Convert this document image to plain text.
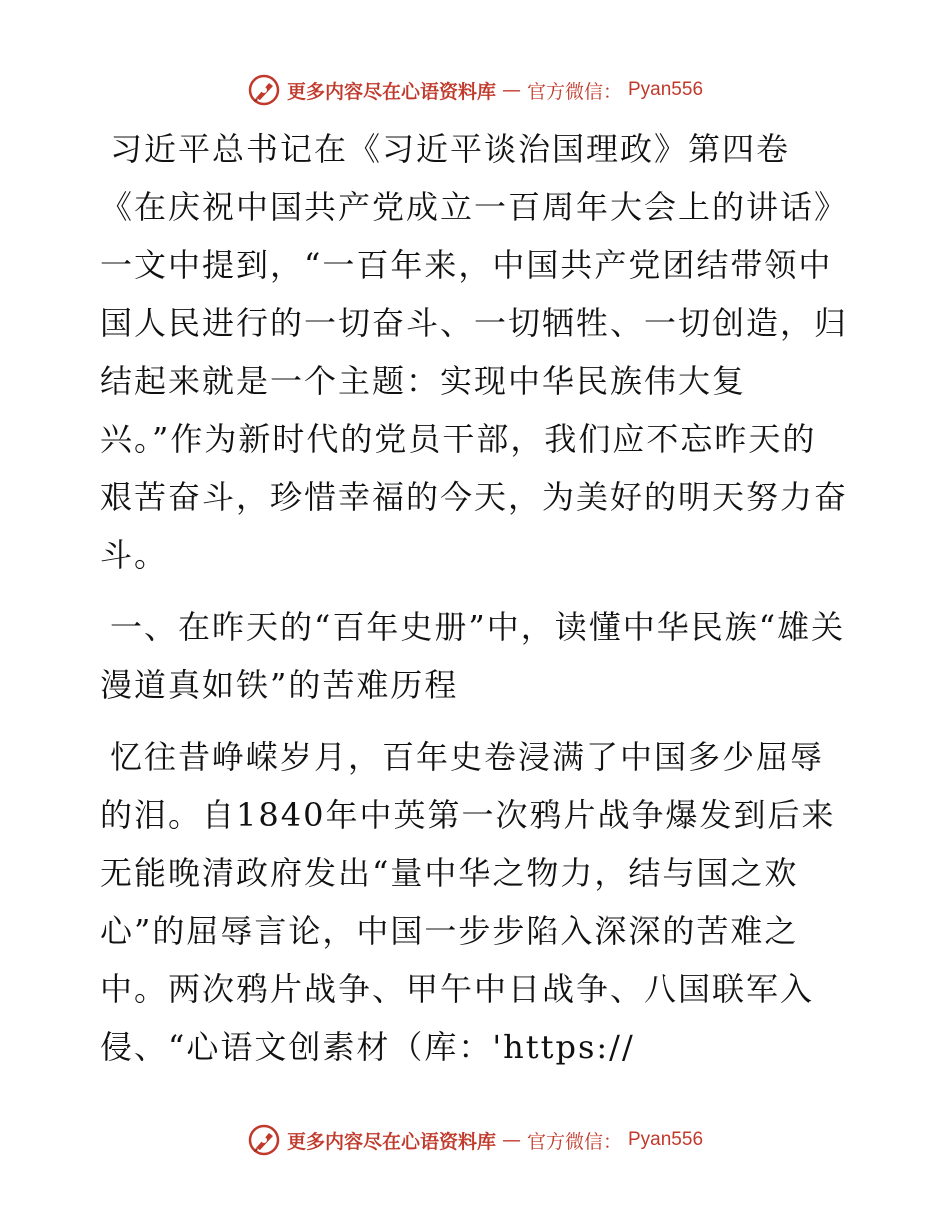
更多内容尽在心语资料库 — 官方微信： Pyan556

习近平总书记在《习近平谈治国理政》第四卷《在庆祝中国共产党成立一百周年大会上的讲话》一文中提到，“一百年来，中国共产党团结带领中国人民进行的一切奋斗、一切牺牲、一切创造，归结起来就是一个主题：实现中华民族伟大复兴。”作为新时代的党员干部，我们应不忘昨天的艰苦奋斗，珍惜幸福的今天，为美好的明天努力奋斗。

一、在昨天的“百年史册”中，读懂中华民族“雄关漫道真如铁”的苦难历程

忆往昔峥嵘岁月，百年史卷浸满了中国多少屈辱的泪。自1840年中英第一次鸦片战争爆发到后来无能晚清政府发出“量中华之物力，结与国之欢心”的屈辱言论，中国一步步陷入深深的苦难之中。两次鸦片战争、甲午中日战争、八国联军入侵、“心语文创素材（库：'https://

更多内容尽在心语资料库 — 官方微信： Pyan556
